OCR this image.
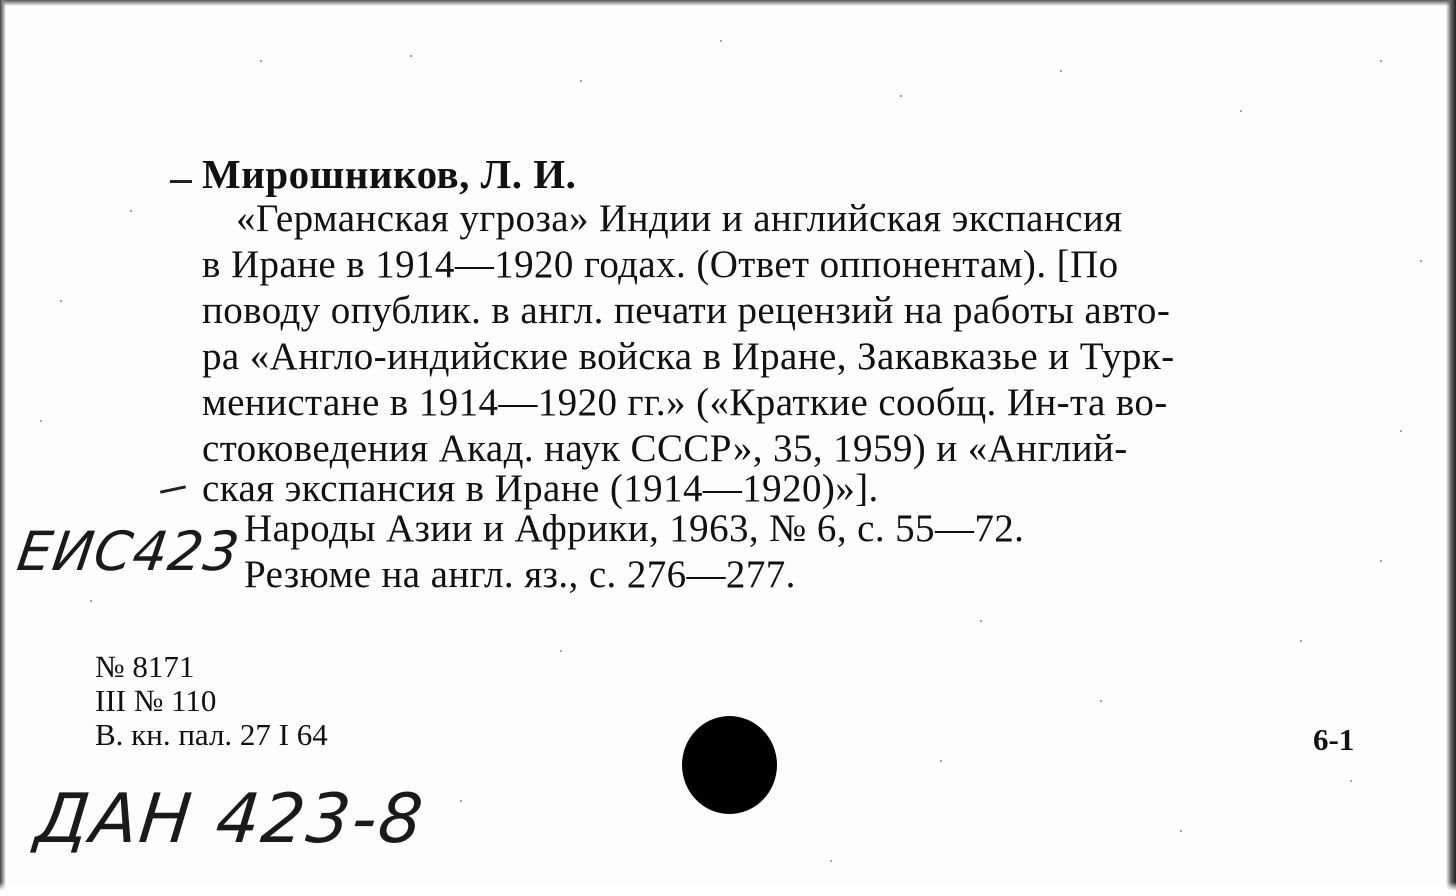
Мирошников, Л. И.
«Германская угроза» Индии и английская экспансия
в Иране в 1914—1920 годах. (Ответ оппонентам). [По
поводу опублик. в англ. печати рецензий на работы авто-
ра «Англо-индийские войска в Иране, Закавказье и Турк-
менистане в 1914—1920 гг.» («Краткие сообщ. Ин-та во-
стоковедения Акад. наук СССР», 35, 1959) и «Англий-
ская экспансия в Иране (1914—1920)»].
Народы Азии и Африки, 1963, № 6, с. 55—72.
Резюме на англ. яз., с. 276—277.
ЕИС423
№ 8171
III № 110
В. кн. пал. 27 I 64	6-1
ДАН 423-8
